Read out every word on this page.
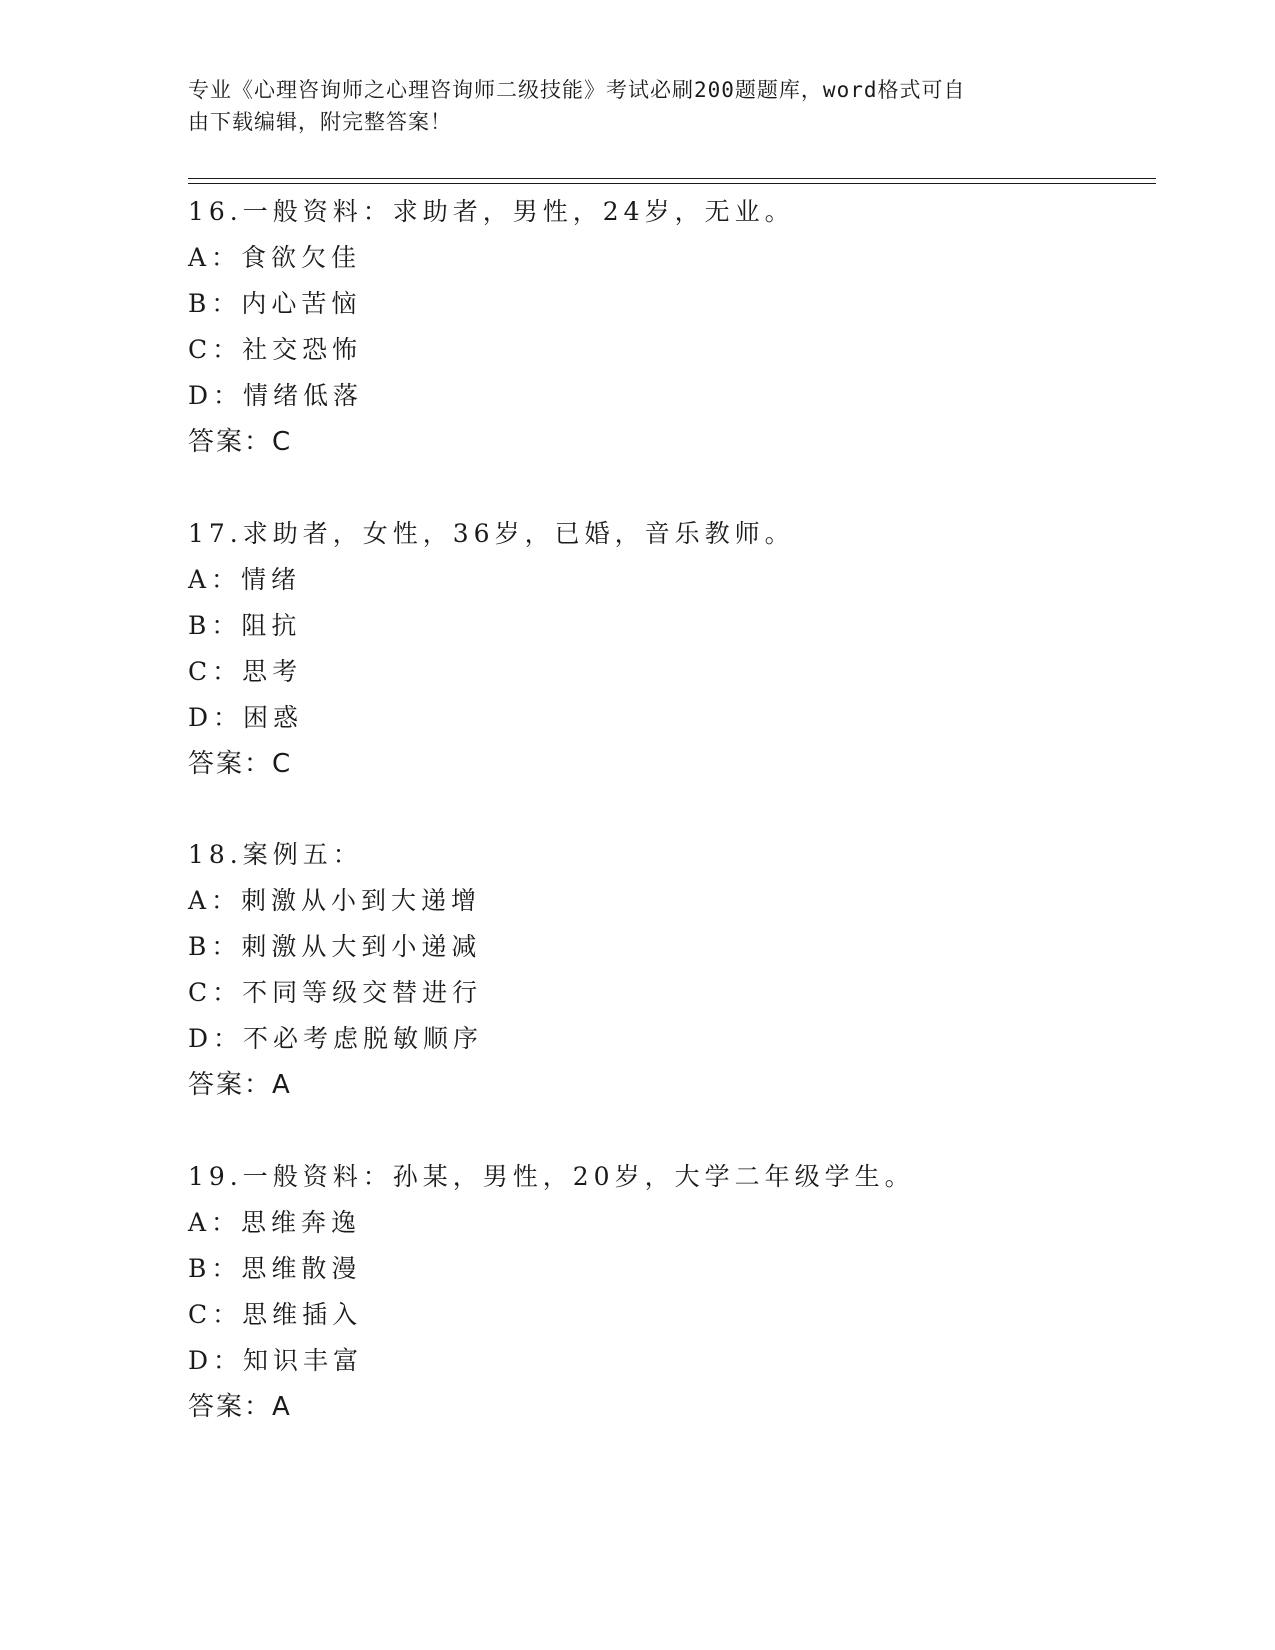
专业《心理咨询师之心理咨询师二级技能》考试必刷200题题库，word格式可自
由下载编辑，附完整答案！
16.一般资料：求助者，男性，24岁，无业。
A：食欲欠佳
B：内心苦恼
C：社交恐怖
D：情绪低落
答案：C
17.求助者，女性，36岁，已婚，音乐教师。
A：情绪
B：阻抗
C：思考
D：困惑
答案：C
18.案例五：
A：刺激从小到大递增
B：刺激从大到小递减
C：不同等级交替进行
D：不必考虑脱敏顺序
答案：A
19.一般资料：孙某，男性，20岁，大学二年级学生。
A：思维奔逸
B：思维散漫
C：思维插入
D：知识丰富
答案：A
